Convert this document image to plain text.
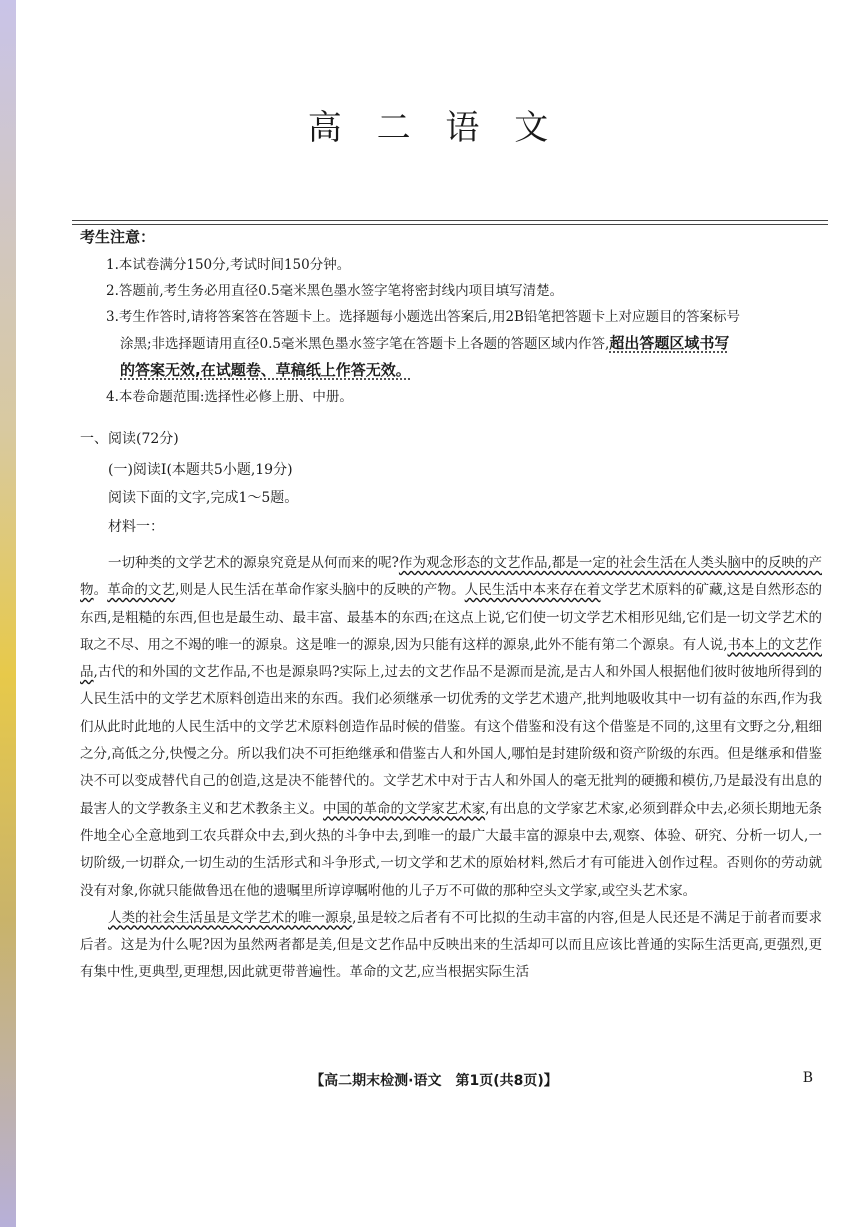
高 二 语 文
考生注意：
1.本试卷满分150分,考试时间150分钟。
2.答题前,考生务必用直径0.5毫米黑色墨水签字笔将密封线内项目填写清楚。
3.考生作答时,请将答案答在答题卡上。选择题每小题选出答案后,用2B铅笔把答题卡上对应题目的答案标号
涂黑;非选择题请用直径0.5毫米黑色墨水签字笔在答题卡上各题的答题区域内作答,超出答题区域书写
的答案无效,在试题卷、草稿纸上作答无效。
4.本卷命题范围:选择性必修上册、中册。
一、阅读(72分)
(一)阅读Ⅰ(本题共5小题,19分)
阅读下面的文字,完成1～5题。
材料一：

一切种类的文学艺术的源泉究竟是从何而来的呢?作为观念形态的文艺作品,都是一定的社会生活在人类头脑中的反映的产物。革命的文艺,则是人民生活在革命作家头脑中的反映的产物。人民生活中本来存在着文学艺术原料的矿藏,这是自然形态的东西,是粗糙的东西,但也是最生动、最丰富、最基本的东西;在这点上说,它们使一切文学艺术相形见绌,它们是一切文学艺术的取之不尽、用之不竭的唯一的源泉。这是唯一的源泉,因为只能有这样的源泉,此外不能有第二个源泉。有人说,书本上的文艺作品,古代的和外国的文艺作品,不也是源泉吗?实际上,过去的文艺作品不是源而是流,是古人和外国人根据他们彼时彼地所得到的人民生活中的文学艺术原料创造出来的东西。我们必须继承一切优秀的文学艺术遗产,批判地吸收其中一切有益的东西,作为我们从此时此地的人民生活中的文学艺术原料创造作品时候的借鉴。有这个借鉴和没有这个借鉴是不同的,这里有文野之分,粗细之分,高低之分,快慢之分。所以我们决不可拒绝继承和借鉴古人和外国人,哪怕是封建阶级和资产阶级的东西。但是继承和借鉴决不可以变成替代自己的创造,这是决不能替代的。文学艺术中对于古人和外国人的毫无批判的硬搬和模仿,乃是最没有出息的最害人的文学教条主义和艺术教条主义。中国的革命的文学家艺术家,有出息的文学家艺术家,必须到群众中去,必须长期地无条件地全心全意地到工农兵群众中去,到火热的斗争中去,到唯一的最广大最丰富的源泉中去,观察、体验、研究、分析一切人,一切阶级,一切群众,一切生动的生活形式和斗争形式,一切文学和艺术的原始材料,然后才有可能进入创作过程。否则你的劳动就没有对象,你就只能做鲁迅在他的遗嘱里所谆谆嘱咐他的儿子万不可做的那种空头文学家,或空头艺术家。

人类的社会生活虽是文学艺术的唯一源泉,虽是较之后者有不可比拟的生动丰富的内容,但是人民还是不满足于前者而要求后者。这是为什么呢?因为虽然两者都是美,但是文艺作品中反映出来的生活却可以而且应该比普通的实际生活更高,更强烈,更有集中性,更典型,更理想,因此就更带普遍性。革命的文艺,应当根据实际生活

【高二期末检测·语文　第1页(共8页)】	B
